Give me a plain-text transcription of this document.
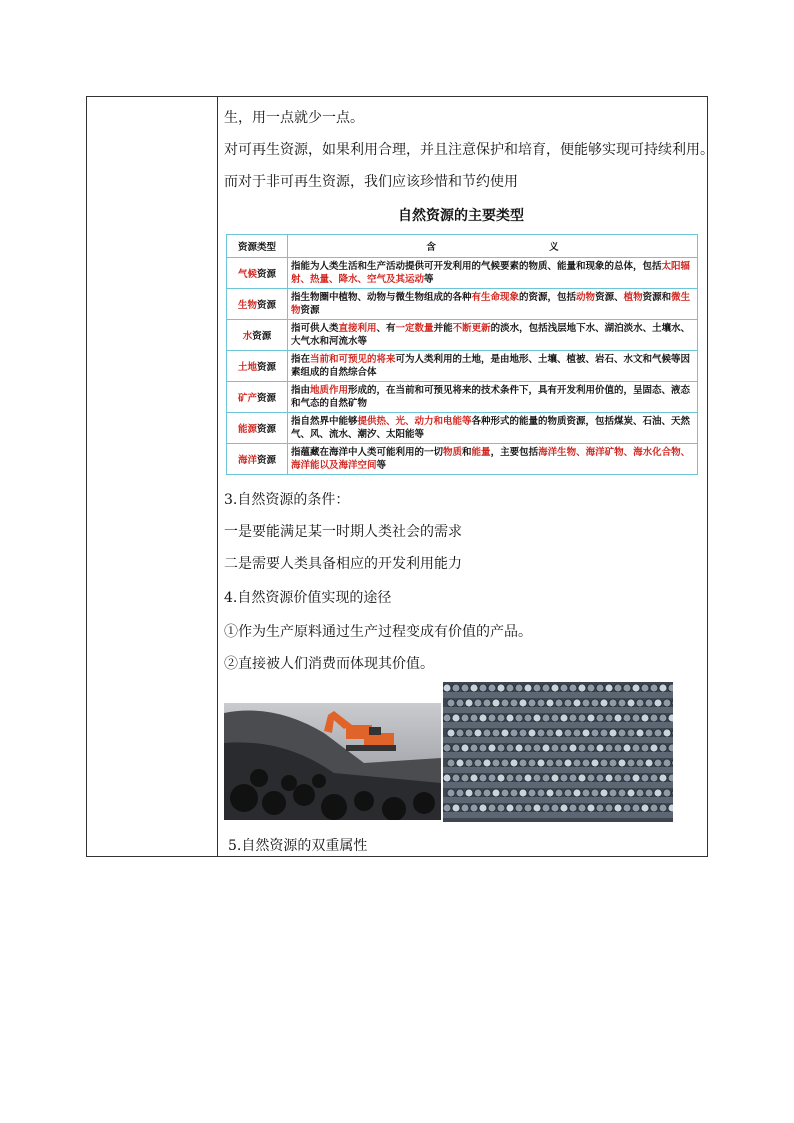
生，用一点就少一点。
对可再生资源，如果利用合理，并且注意保护和培育，便能够实现可持续利用。
而对于非可再生资源，我们应该珍惜和节约使用
自然资源的主要类型
资源类型	含 义
气候资源	指能为人类生活和生产活动提供可开发利用的气候要素的物质、能量和现象的总体，包括太阳辐射、热量、降水、空气及其运动等
生物资源	指生物圈中植物、动物与微生物组成的各种有生命现象的资源，包括动物资源、植物资源和微生物资源
水资源	指可供人类直接利用、有一定数量并能不断更新的淡水，包括浅层地下水、湖泊淡水、土壤水、大气水和河流水等
土地资源	指在当前和可预见的将来可为人类利用的土地，是由地形、土壤、植被、岩石、水文和气候等因素组成的自然综合体
矿产资源	指由地质作用形成的，在当前和可预见将来的技术条件下，具有开发利用价值的，呈固态、液态和气态的自然矿物
能源资源	指自然界中能够提供热、光、动力和电能等各种形式的能量的物质资源，包括煤炭、石油、天然气、风、流水、潮汐、太阳能等
海洋资源	指蕴藏在海洋中人类可能利用的一切物质和能量，主要包括海洋生物、海洋矿物、海水化合物、海洋能以及海洋空间等
3.自然资源的条件：
一是要能满足某一时期人类社会的需求
二是需要人类具备相应的开发利用能力
4.自然资源价值实现的途径
①作为生产原料通过生产过程变成有价值的产品。
②直接被人们消费而体现其价值。
5.自然资源的双重属性
